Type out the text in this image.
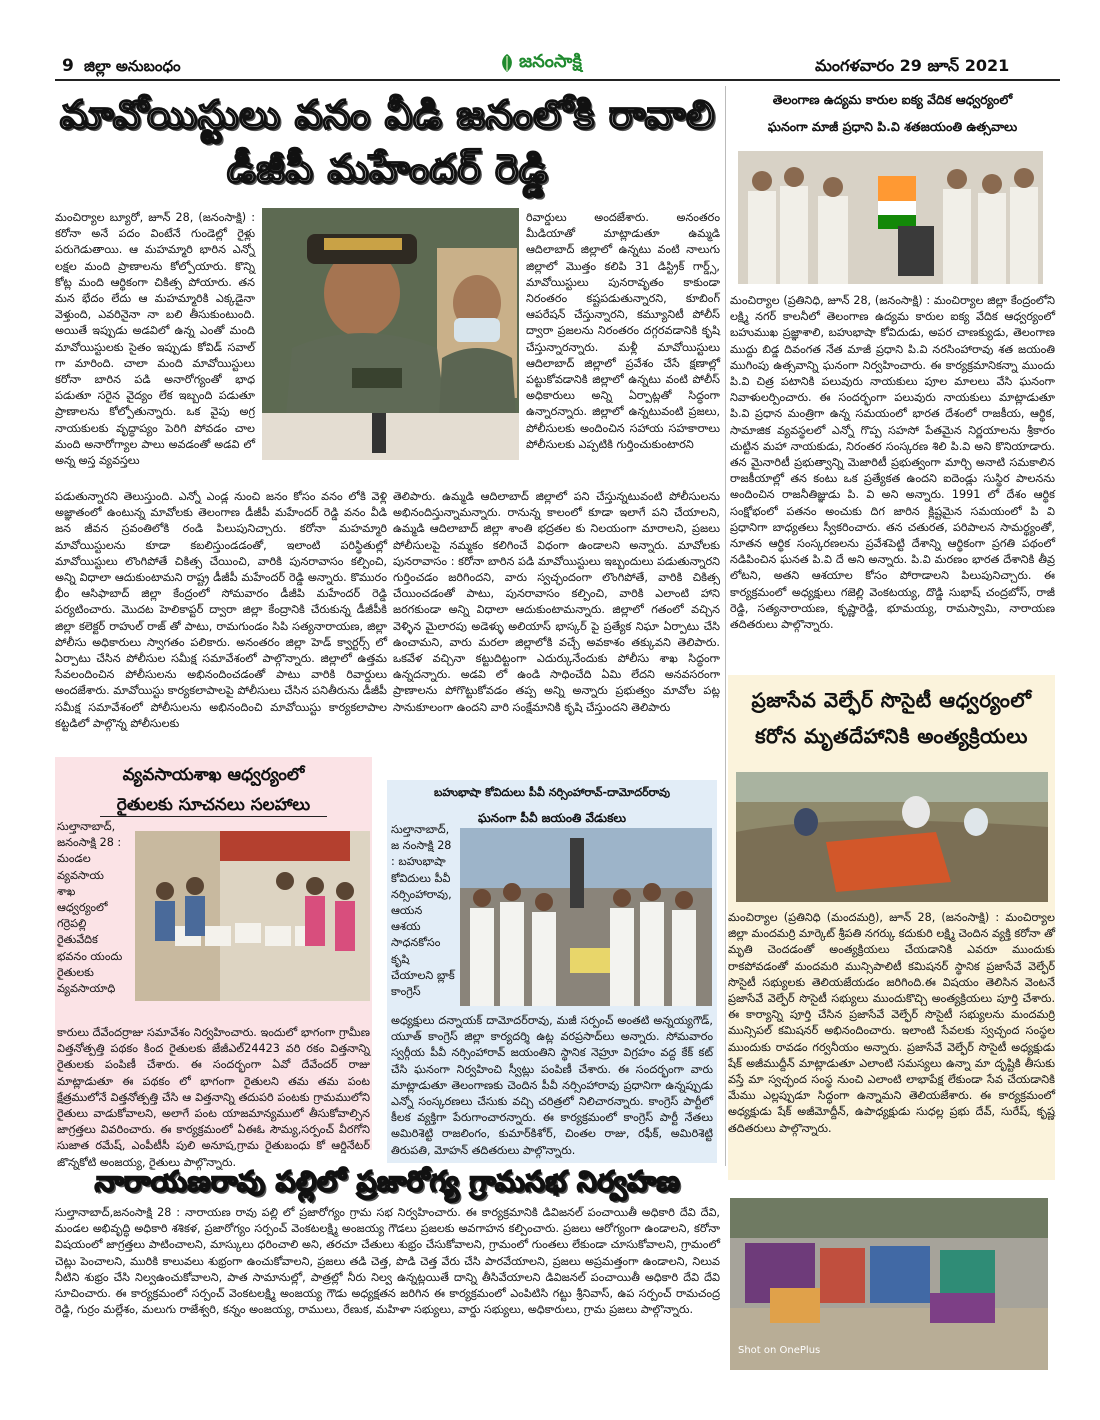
9 జిల్లా అనుబంధం	జనంసాక్షి	మంగళవారం 29 జూన్ 2021
మావోయిస్టులు వనం వీడి జనంలోకి రావాలి
డీజీపీ మహేందర్ రెడ్డి

మంచిర్యాల బ్యూరో, జూన్ 28, (జనంసాక్షి) : కరోనా అనే పదం వింటేనే గుండెల్లో రైళ్లు పరుగెడుతాయి. ఆ మహమ్మారి భారిన ఎన్నో లక్షల మంది ప్రాణాలను కోల్పోయారు. కొన్ని కోట్ల మంది ఆర్థికంగా చికిత్స పోయారు. తన మన భేదం లేదు ఆ మహమ్మారికి ఎక్కడైనా వెళ్తుంది, ఎవరినైనా నా బలి తీసుకుంటుంది. అయితే ఇప్పుడు అడవిలో ఉన్న ఎంతో మంది మావోయిస్టులకు సైతం ఇప్పుడు కోవిడ్ సవాల్ గా మారింది. చాలా మంది మావోయిస్టులు కరోనా బారిన పడి అనారోగ్యంతో భాధ పడుతూ సరైన వైద్యం లేక ఇబ్బంది పడుతూ ప్రాణాలను కోల్పోతున్నారు. ఒక వైపు అగ్ర నాయకులకు వృద్ధాప్యం పెరిగి పోవడం చాల మంది అనారోగ్యాల పాలు అవడంతో అడవి లో అన్న అస్త వ్యవస్తలు

రివార్డులు అందజేశారు. అనంతరం మీడియాతో మాట్లాడుతూ ఉమ్మడి ఆదిలాబాద్ జిల్లాలో ఉన్నటు వంటి నాలుగు జిల్లాలో మొత్తం కలిపి 31 డిస్ట్రిక్ గార్డ్స్, మావోయిస్టులు పునరావృతం కాకుండా నిరంతరం కష్టపడుతున్నారని, కూబింగ్ ఆపరేషన్ చేస్తున్నారని, కమ్యూనిటీ పోలీస్ ద్వారా ప్రజలను నిరంతరం దగ్గరవడానికి కృషి చేస్తున్నారన్నారు. మళ్లీ మావోయిస్టులు ఆదిలాబాద్ జిల్లాలో ప్రవేశం చేసే క్షణాల్లో పట్టుకోవడానికి జిల్లాలో ఉన్నటు వంటి పోలీస్ అధికారులు అన్ని ఏర్పాట్లతో సిద్ధంగా ఉన్నారన్నారు. జిల్లాలో ఉన్నటువంటి ప్రజలు, పోలీసులకు అందించిన సహాయ సహకారాలు పోలీసులకు ఎప్పటికి గుర్తించుకుంటారని

పడుతున్నారని తెలుస్తుంది. ఎన్నో ఎండ్ల నుంచి జనం కోసం వనం లోకి వెళ్లి అజ్ఞాతంలో ఉంటున్న మావోలకు తెలంగాణ డీజీపీ మహేందర్ రెడ్డి వనం వీడి జన జీవన స్రవంతిలోకి రండి పిలుపునిచ్చారు. కరోనా మహమ్మారి మావోయిస్టులను కూడా కబలిస్తుండడంతో, ఇలాంటి పరిస్థితుల్లో మావోయిస్టులు లొంగిపోతే చికిత్స చేయించి, వారికి పునరావాసం కల్పించి, అన్ని విధాలా ఆదుకుంటామని రాష్ట్ర డీజీపీ మహేందర్ రెడ్డి అన్నారు. కొమురం భీం ఆసిఫాబాద్ జిల్లా కేంద్రంలో సోమవారం డీజీపి మహేందర్ రెడ్డి పర్యటించారు. మొదట హెలికాప్టర్ ద్వారా జిల్లా కేంద్రానికి చేరుకున్న డీజీపీకి జిల్లా కలెక్టర్ రాహుల్ రాజ్ తో పాటు, రామగుండం సిపి సత్యనారాయణ, జిల్లా పోలీసు అధికారులు స్వాగతం పలికారు. అనంతరం జిల్లా హెడ్ క్వార్టర్స్ లో ఏర్పాటు చేసిన పోలీసుల సమీక్ష సమావేశంలో పాల్గొన్నారు. జిల్లాలో ఉత్తమ సేవలందించిన పోలీసులను అభినందించడంతో పాటు వారికి రివార్డులు అందజేశారు. మావోయిస్టు కార్యకలాపాలపై పోలీసులు చేసిన పనితీరును డీజీపీ సమీక్ష సమావేశంలో పోలీసులను అభినందించి మావోయిస్టు కార్యకలాపాల కట్టడిలో పాల్గొన్న పోలీసులకు

తెలిపారు. ఉమ్మడి ఆదిలాబాద్ జిల్లాలో పని చేస్తున్నటువంటి పోలీసులను అభినందిస్తున్నామన్నారు. రానున్న కాలంలో కూడా ఇలాగే పని చేయాలని, ఉమ్మడి ఆదిలాబాద్ జిల్లా శాంతి భద్రతల కు నిలయంగా మారాలని, ప్రజలు పోలీసులపై నమ్మకం కలిగించే విధంగా ఉండాలని అన్నారు. మావోలకు పునరావాసం : కరోనా బారిన పడి మావోయిస్టులు ఇబ్బందులు పడుతున్నారని గుర్తించడం జరిగిందని, వారు స్వచ్ఛందంగా లొంగిపోతే, వారికి చికిత్స చేయించడంతో పాటు, పునరావాసం కల్పించి, వారికి ఎలాంటి హాని జరగకుండా అన్ని విధాలా ఆదుకుంటామన్నారు. జిల్లాలో గతంలో వచ్చిన వెళ్ళిన మైలారపు అడెళ్ళు అలియాస్ భాస్కర్ పై ప్రత్యేక నిఘా ఏర్పాటు చేసి ఉంచామని, వారు మరలా జిల్లాలోకి వచ్చే అవకాశం తక్కువని తెలిపారు. ఒకవేళ వచ్చినా కట్టుదిట్టంగా ఎదుర్కునేందుకు పోలీసు శాఖ సిద్ధంగా ఉన్నదన్నారు. అడవి లో ఉండి సాధించేది ఏమి లేదని అనవసరంగా ప్రాణాలను పోగొట్టుకోవడం తప్ప అన్ని అన్నారు ప్రభుత్వం మావోల పట్ల సానుకూలంగా ఉందని వారి సంక్షేమానికి కృషి చేస్తుందని తెలిపారు

తెలంగాణ ఉద్యమ కారుల ఐక్య వేదిక ఆధ్వర్యంలో
ఘనంగా మాజీ ప్రధాని పి.వి శతజయంతి ఉత్సవాలు

మంచిర్యాల (ప్రతినిధి, జూన్ 28, (జనంసాక్షి) : మంచిర్యాల జిల్లా కేంద్రంలోని లక్ష్మి నగర్ కాలనీలో తెలంగాణ ఉద్యమ కారుల ఐక్య వేదిక ఆధ్వర్యంలో బహుముఖ ప్రజ్ఞాశాలి, బహుభాషా కోవిదుడు, అపర చాణక్యుడు, తెలంగాణ ముద్దు బిడ్డ దివంగత నేత మాజీ ప్రధాని పి.వి నరసింహారావు శత జయంతి ముగింపు ఉత్సవాన్ని ఘనంగా నిర్వహించారు. ఈ కార్యక్రమానికన్నా ముందు పి.వి చిత్ర పటానికి పలువురు నాయకులు పూల మాలలు వేసి ఘనంగా నివాళులర్పించారు. ఈ సందర్భంగా పలువురు నాయకులు మాట్లాడుతూ పి.వి ప్రధాన మంత్రిగా ఉన్న సమయంలో భారత దేశంలో రాజకీయ, ఆర్థిక, సామాజిక వ్యవస్థలలో ఎన్నో గొప్ప సహసో పేతమైన నిర్ణయాలను శ్రీకారం చుట్టిన మహా నాయకుడు, నిరంతర సంస్కరణ శిలి పి.వి అని కొనియాడారు. తన మైనారిటీ ప్రభుత్వాన్ని మెజారిటీ ప్రభుత్వంగా మార్చి అనాటి సమకాలిన రాజకీయాల్లో తన కంటు ఒక ప్రత్యేకత ఉందని ఐదెండ్లు సుస్థిర పాలనను అందించిన రాజనీతిజ్ఞుడు పి. వి అని అన్నారు. 1991 లో దేశం ఆర్థిక సంక్షోభంలో పతనం అంచుకు దిగ జారిన క్లిష్టమైన సమయంలో పి వి ప్రధానిగా బాధ్యతలు స్వీకరించారు. తన చతురత, పరిపాలన సామర్థ్యంతో, నూతన ఆర్థిక సంస్కరణలను ప్రవేశపెట్టి దేశాన్ని ఆర్థికంగా ప్రగతి పథంలో నడిపించిన ఘనత పి.వి దే అని అన్నారు. పి.వి మరణం భారత దేశానికి తీవ్ర లోటని, అతని ఆశయాల కోసం పోరాడాలని పిలుపునిచ్చారు. ఈ కార్యక్రమంలో అధ్యక్షులు గజెల్లి వెంకటయ్య, దొడ్డి సుభాష్ చంద్రబోస్, రాజీ రెడ్డి, సత్యనారాయణ, కృష్ణారెడ్డి, భూమయ్య, రామస్వామి, నారాయణ తదితరులు పాల్గొన్నారు.

ప్రజాసేవ వెల్ఫేర్ సొసైటీ ఆధ్వర్యంలో
కరోన మృతదేహానికి అంత్యక్రియలు

మంచిర్యాల (ప్రతినిధి (మందమర్రి), జూన్ 28, (జనంసాక్షి) : మంచిర్యాల జిల్లా మందమర్రి మార్కెట్ శ్రీపతి నగర్కు కదుకురి లక్ష్మి చెందిన వ్యక్తి కరోనా తో మృతి చెందడంతో అంత్యక్రియలు చేయడానికి ఎవరూ ముందుకు రాకపోవడంతో మందమరి మున్సిపాలిటీ కమిషనర్ స్థానిక ప్రజాసేవే వెల్ఫేర్ సొసైటీ సభ్యులకు తెలియజేయడం జరిగింది.ఈ విషయం తెలిసిన వెంటనే ప్రజాసేవే వెల్ఫేర్ సొసైటీ సభ్యులు ముందుకొచ్చి అంత్యక్రియలు పూర్తి చేశారు. ఈ కార్యాన్ని పూర్తి చేసిన ప్రజాసేవే వెల్ఫేర్ సొసైటీ సభ్యులను మందమర్రి మున్సిపల్ కమిషనర్ అభినందించారు. ఇలాంటి సేవలకు స్వచ్ఛంద సంస్థల ముందుకు రావడం గర్వనీయం అన్నారు. ప్రజాసేవే వెల్ఫేర్ సొసైటీ అధ్యక్షుడు షేక్ అజీముద్దీన్ మాట్లాడుతూ ఎలాంటి సమస్యలు ఉన్నా మా దృష్టికి తీసుకు వస్తే మా స్వచ్ఛంద సంస్థ నుంచి ఎలాంటి లాభాపేక్ష లేకుండా సేవ చేయడానికి మేము ఎల్లప్పుడూ సిద్ధంగా ఉన్నామని తెలియజేశారు. ఈ కార్యక్రమంలో అధ్యక్షుడు షేక్ అజీమోద్దీన్, ఉపాధ్యక్షుడు సుధల్ల ప్రభు దేవ్, సురేష్, కృష్ణ తదితరులు పాల్గొన్నారు.

Shot on OnePlus
వ్యవసాయశాఖ ఆధ్వర్యంలో
రైతులకు సూచనలు సలహాలు

సుల్తానాబాద్, జనంసాక్షి 28 : మండల వ్యవసాయ శాఖ ఆధ్వర్యంలో గర్రెపల్లి రైతువేదిక భవనం యందు రైతులకు వ్యవసాయాధి

కారులు దేవేందర్రాజు సమావేశం నిర్వహించారు. ఇందులో భాగంగా గ్రామీణ విత్తనోత్పత్తి పథకం కింద రైతులకు జేజీఎల్24423 వరి రకం విత్తనాన్ని రైతులకు పంపిణీ చేశారు. ఈ సందర్భంగా ఏవో దేవేందర్ రాజు మాట్లాడుతూ ఈ పథకం లో భాగంగా రైతులని తమ తమ పంట క్షేత్రములోనే విత్తనోత్పత్తి చేసి ఆ విత్తనాన్ని తదుపరి పంటకు గ్రామములోని రైతులు వాడుకోవాలని, అలాగే పంట యాజమాన్యములో తీసుకోవాల్సిన జాగ్రత్తలు వివరించారు. ఈ కార్యక్రమంలో ఏఈఓ సౌమ్య,సర్పంచ్ వీరగోని సుజాత రమేష్, ఎంపీటీసీ పులి అనూష,గ్రామ రైతుబంధు కో ఆర్డినేటర్ జొన్నకోటి అంజయ్య, రైతులు పాల్గొన్నారు.

బహుభాషా కోవిదులు పీవీ నర్సింహారావ్-దామోదర్‌రావు
ఘనంగా పీవీ జయంతి వేడుకలు

సుల్తానాబాద్, జ నంసాక్షి 28 : బహుభాషా కోవిదులు పీవీ నర్సింహారావు, ఆయన ఆశయ సాధనకోసం కృషి చేయాలని బ్లాక్ కాంగ్రెస్

అధ్యక్షులు దన్నాయక్ దామోదర్‌రావు, మజీ సర్పంచ్ అంతటి అన్నయ్యగౌడ్, యూత్ కాంగ్రెస్ జిల్లా కార్యదర్శి ఉట్ల వరప్రసాద్‌లు అన్నారు. సోమవారం స్వర్గీయ పీవీ నర్సింహారావ్ జయంతిని స్థానిక నెహ్రూ విగ్రహం వద్ద కేక్ కట్ చేసి ఘనంగా నిర్వహించి స్వీట్లు పంపిణీ చేశారు. ఈ సందర్భంగా వారు మాట్లాడుతూ తెలంగాణకు చెందిన పీవీ నర్సింహారావు ప్రధానిగా ఉన్నప్పుడు ఎన్నో సంస్కరణలు చేసుకు వచ్చి చరిత్రలో నిలిచారన్నారు. కాంగ్రెస్ పార్టీలో కీలక వ్యక్తిగా పేరుగాంచారన్నారు. ఈ కార్యక్రమంలో కాంగ్రెస్ పార్టీ నేతలు అమిరిశెట్టి రాజలింగం, కుమార్‌కిశోర్, చింతల రాజు, రఫీక్, అమిరిశెట్టి తిరుపతి, మోహన్ తదితరులు పాల్గొన్నారు.

నారాయణరావు పల్లిలో ప్రజారోగ్య గ్రామసభ నిర్వహణ

సుల్తానాబాద్,జనంసాక్షి 28 : నారాయణ రావు పల్లి లో ప్రజారోగ్యం గ్రామ సభ నిర్వహించారు. ఈ కార్యక్రమానికి డివిజనల్ పంచాయితీ అధికారి దేవి దేవి, మండల అభివృద్ధి అధికారి శశికళ, ప్రజారోగ్యం సర్పంచ్ వెంకటలక్ష్మి అంజయ్య గౌడలు ప్రజలకు అవగాహన కల్పించారు. ప్రజలు ఆరోగ్యంగా ఉండాలని, కరోనా విషయంలో జాగ్రత్తలు పాటించాలని, మాస్కులు ధరించాలి అని, తరచూ చేతులు శుభ్రం చేసుకోవాలని, గ్రామంలో గుంతలు లేకుండా చూసుకోవాలని, గ్రామంలో చెట్లు పెంచాలని, మురికి కాలువలు శుభ్రంగా ఉంచుకోవాలని, ప్రజలు తడి చెత్త, పొడి చెత్త వేరు చేసి పారవేయాలని, ప్రజలు అప్రమత్తంగా ఉండాలని, నిలువ నీటిని శుభ్రం చేసి నిల్వఉంచుకోవాలని, పాత సామానుల్లో, పాత్రల్లో నీరు నిల్వ ఉన్నట్లయితే దాన్ని తీసివేయాలని డివిజనల్ పంచాయితీ అధికారి దేవి దేవి సూచించారు. ఈ కార్యక్రమంలో సర్పంచ్ వెంకటలక్ష్మి అంజయ్య గౌడు అధ్యక్షతన జరిగిన ఈ కార్యక్రమంలో ఎంపిటిసి గట్టు శ్రీనివాస్, ఉప సర్పంచ్ రామచంద్ర రెడ్డి, గుర్రం మల్లేశం, మలుగు రాజేశ్వరి, కన్నం అంజయ్య, రాములు, రేణుక, మహిళా సభ్యులు, వార్డు సభ్యులు, అధికారులు, గ్రామ ప్రజలు పాల్గొన్నారు.
